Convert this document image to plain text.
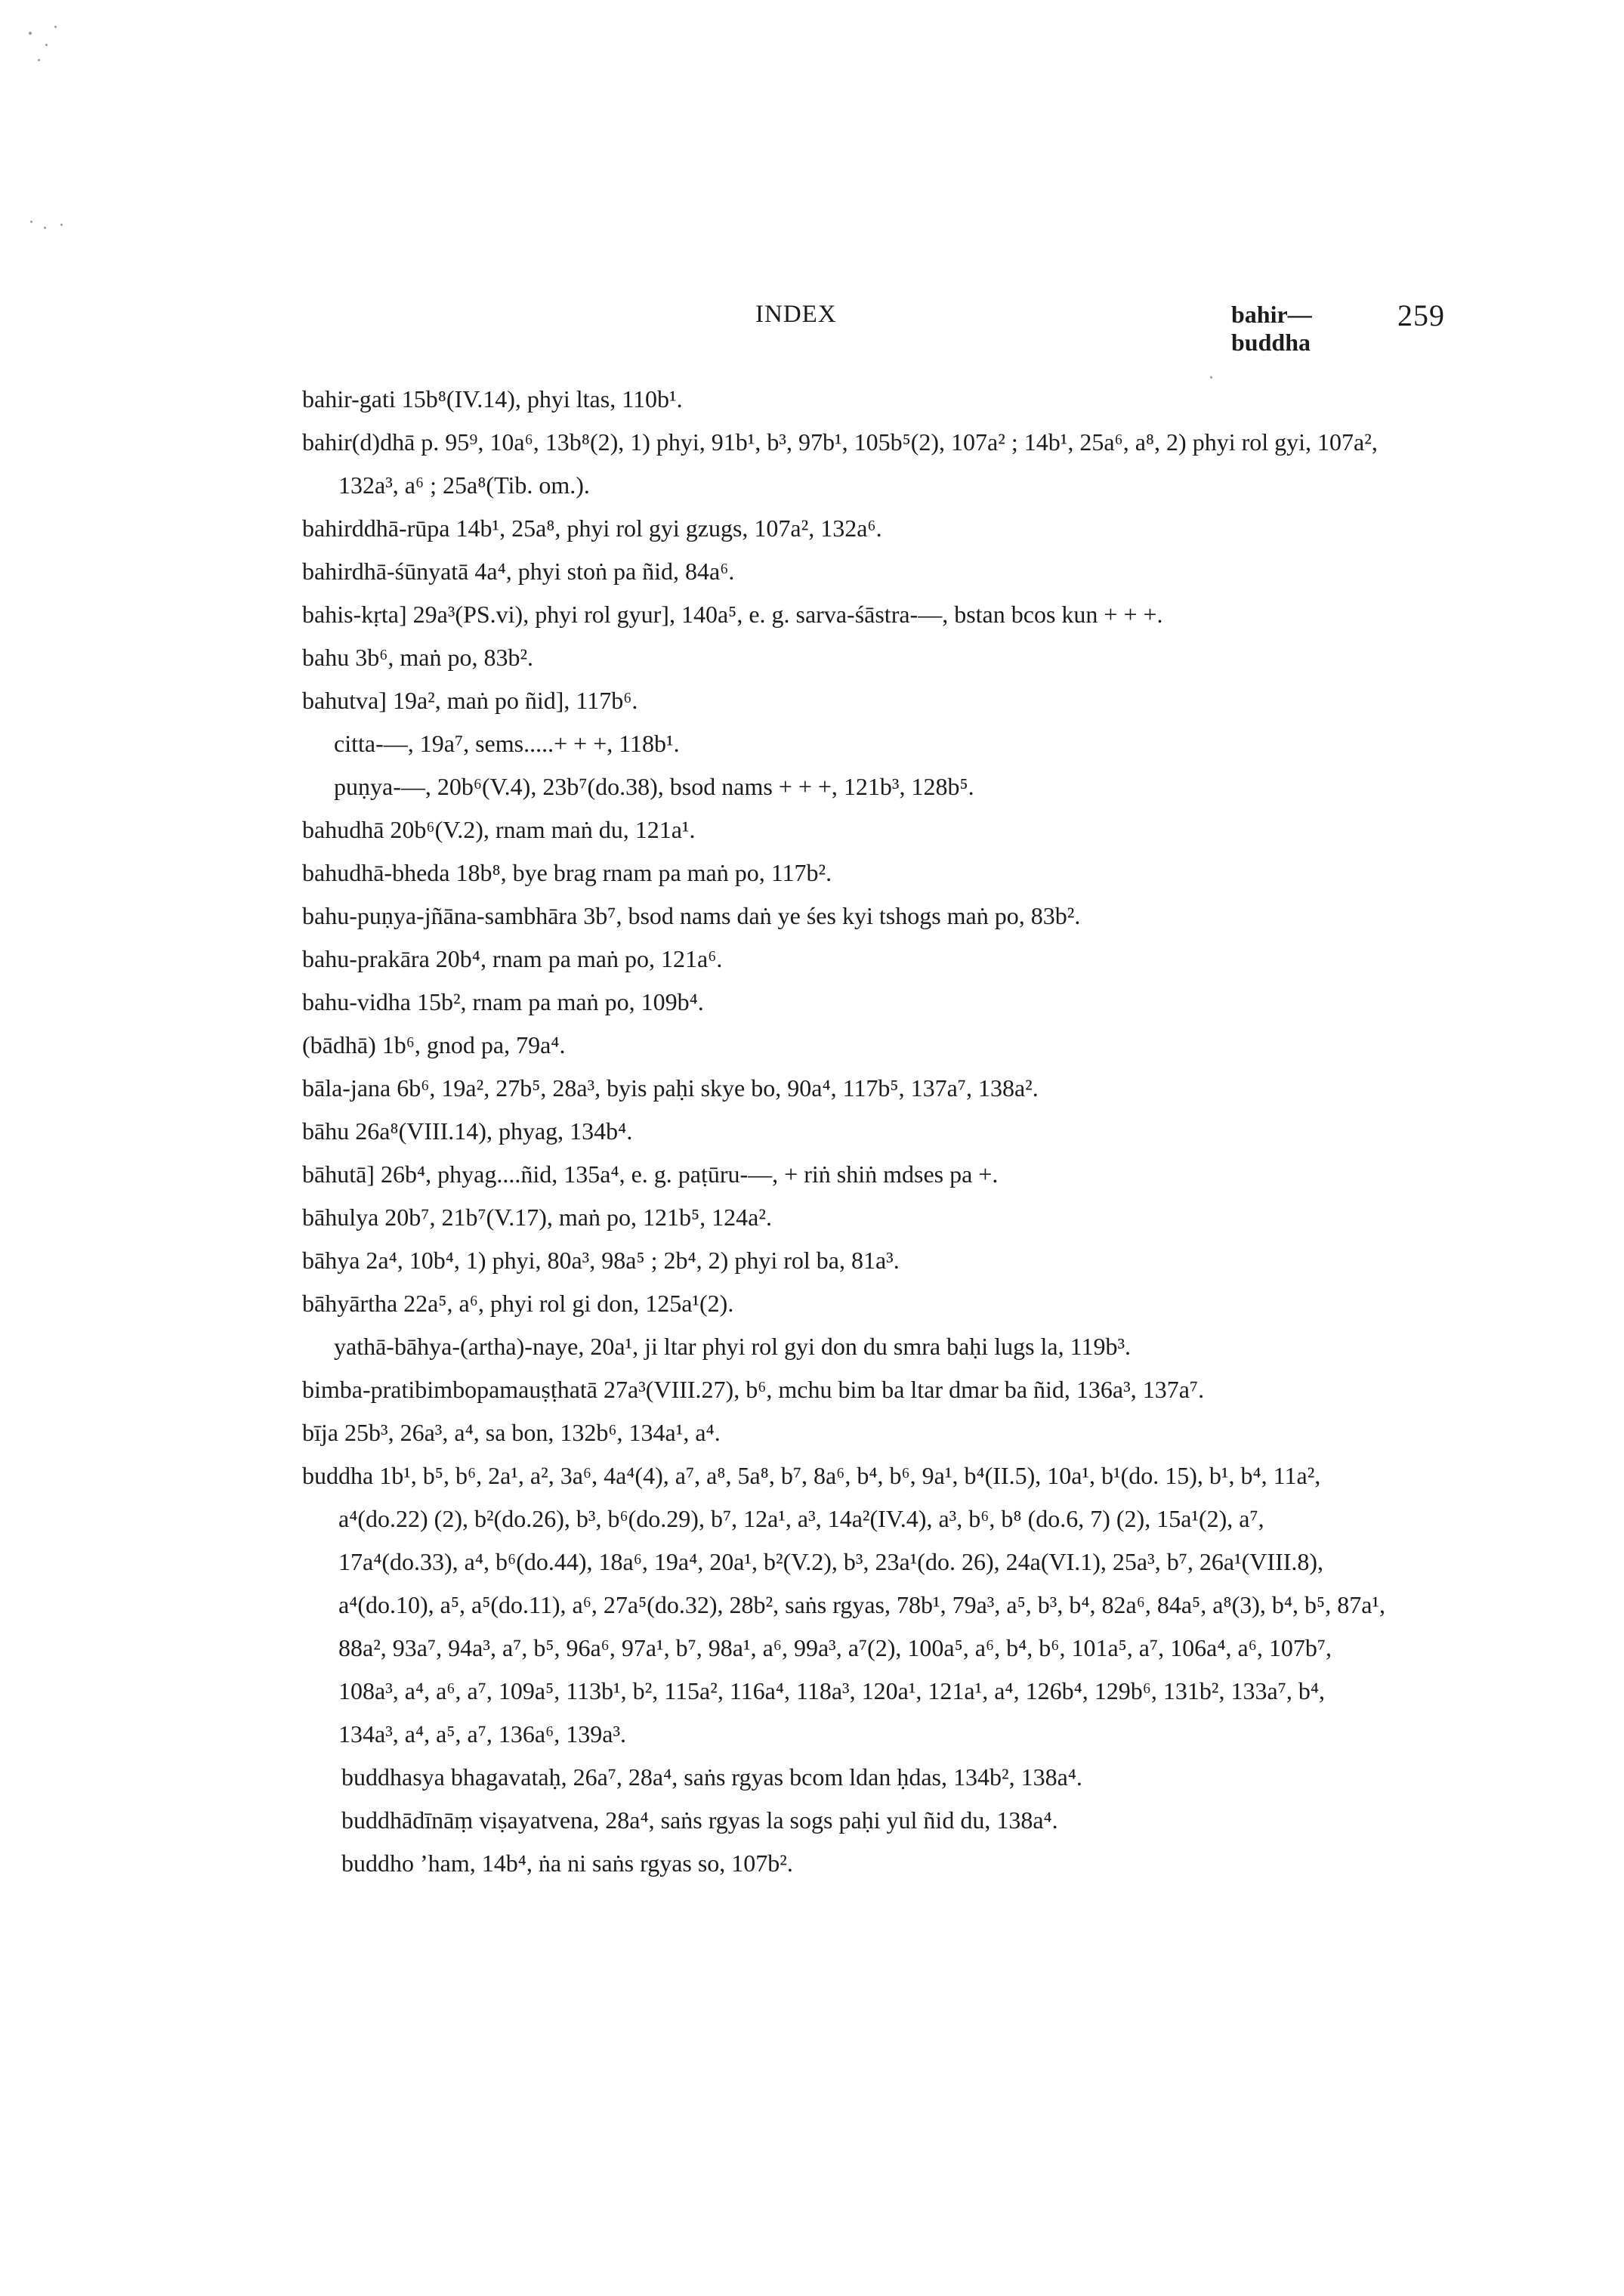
INDEX	bahir—buddha
259

bahir-gati 15b⁸(IV.14), phyi ltas, 110b¹.

bahir(d)dhā p. 95⁹, 10a⁶, 13b⁸(2), 1) phyi, 91b¹, b³, 97b¹, 105b⁵(2), 107a² ; 14b¹, 25a⁶, a⁸, 2) phyi rol gyi, 107a², 132a³, a⁶ ; 25a⁸(Tib. om.).

bahirddhā-rūpa 14b¹, 25a⁸, phyi rol gyi gzugs, 107a², 132a⁶.

bahirdhā-śūnyatā 4a⁴, phyi stoṅ pa ñid, 84a⁶.

bahis-kṛta] 29a³(PS.vi), phyi rol gyur], 140a⁵, e. g. sarva-śāstra-—, bstan bcos kun + + +.

bahu 3b⁶, maṅ po, 83b².

bahutva] 19a², maṅ po ñid], 117b⁶.

citta-—, 19a⁷, sems.....+ + +, 118b¹.

puṇya-—, 20b⁶(V.4), 23b⁷(do.38), bsod nams + + +, 121b³, 128b⁵.

bahudhā 20b⁶(V.2), rnam maṅ du, 121a¹.

bahudhā-bheda 18b⁸, bye brag rnam pa maṅ po, 117b².

bahu-puṇya-jñāna-sambhāra 3b⁷, bsod nams daṅ ye śes kyi tshogs maṅ po, 83b².

bahu-prakāra 20b⁴, rnam pa maṅ po, 121a⁶.

bahu-vidha 15b², rnam pa maṅ po, 109b⁴.

(bādhā) 1b⁶, gnod pa, 79a⁴.

bāla-jana 6b⁶, 19a², 27b⁵, 28a³, byis paḥi skye bo, 90a⁴, 117b⁵, 137a⁷, 138a².

bāhu 26a⁸(VIII.14), phyag, 134b⁴.

bāhutā] 26b⁴, phyag....ñid, 135a⁴, e. g. paṭūru-—, + riṅ shiṅ mdses pa +.

bāhulya 20b⁷, 21b⁷(V.17), maṅ po, 121b⁵, 124a².

bāhya 2a⁴, 10b⁴, 1) phyi, 80a³, 98a⁵ ; 2b⁴, 2) phyi rol ba, 81a³.

bāhyārtha 22a⁵, a⁶, phyi rol gi don, 125a¹(2).

yathā-bāhya-(artha)-naye, 20a¹, ji ltar phyi rol gyi don du smra baḥi lugs la, 119b³.

bimba-pratibimbopamauṣṭhatā 27a³(VIII.27), b⁶, mchu bim ba ltar dmar ba ñid, 136a³, 137a⁷.

bīja 25b³, 26a³, a⁴, sa bon, 132b⁶, 134a¹, a⁴.

buddha 1b¹, b⁵, b⁶, 2a¹, a², 3a⁶, 4a⁴(4), a⁷, a⁸, 5a⁸, b⁷, 8a⁶, b⁴, b⁶, 9a¹, b⁴(II.5), 10a¹, b¹(do. 15), b¹, b⁴, 11a², a⁴(do.22) (2), b²(do.26), b³, b⁶(do.29), b⁷, 12a¹, a³, 14a²(IV.4), a³, b⁶, b⁸ (do.6, 7) (2), 15a¹(2), a⁷, 17a⁴(do.33), a⁴, b⁶(do.44), 18a⁶, 19a⁴, 20a¹, b²(V.2), b³, 23a¹(do. 26), 24a(VI.1), 25a³, b⁷, 26a¹(VIII.8), a⁴(do.10), a⁵, a⁵(do.11), a⁶, 27a⁵(do.32), 28b², saṅs rgyas, 78b¹, 79a³, a⁵, b³, b⁴, 82a⁶, 84a⁵, a⁸(3), b⁴, b⁵, 87a¹, 88a², 93a⁷, 94a³, a⁷, b⁵, 96a⁶, 97a¹, b⁷, 98a¹, a⁶, 99a³, a⁷(2), 100a⁵, a⁶, b⁴, b⁶, 101a⁵, a⁷, 106a⁴, a⁶, 107b⁷, 108a³, a⁴, a⁶, a⁷, 109a⁵, 113b¹, b², 115a², 116a⁴, 118a³, 120a¹, 121a¹, a⁴, 126b⁴, 129b⁶, 131b², 133a⁷, b⁴, 134a³, a⁴, a⁵, a⁷, 136a⁶, 139a³.

buddhasya bhagavataḥ, 26a⁷, 28a⁴, saṅs rgyas bcom ldan ḥdas, 134b², 138a⁴.

buddhādīnāṃ viṣayatvena, 28a⁴, saṅs rgyas la sogs paḥi yul ñid du, 138a⁴.

buddho ’ham, 14b⁴, ṅa ni saṅs rgyas so, 107b².
